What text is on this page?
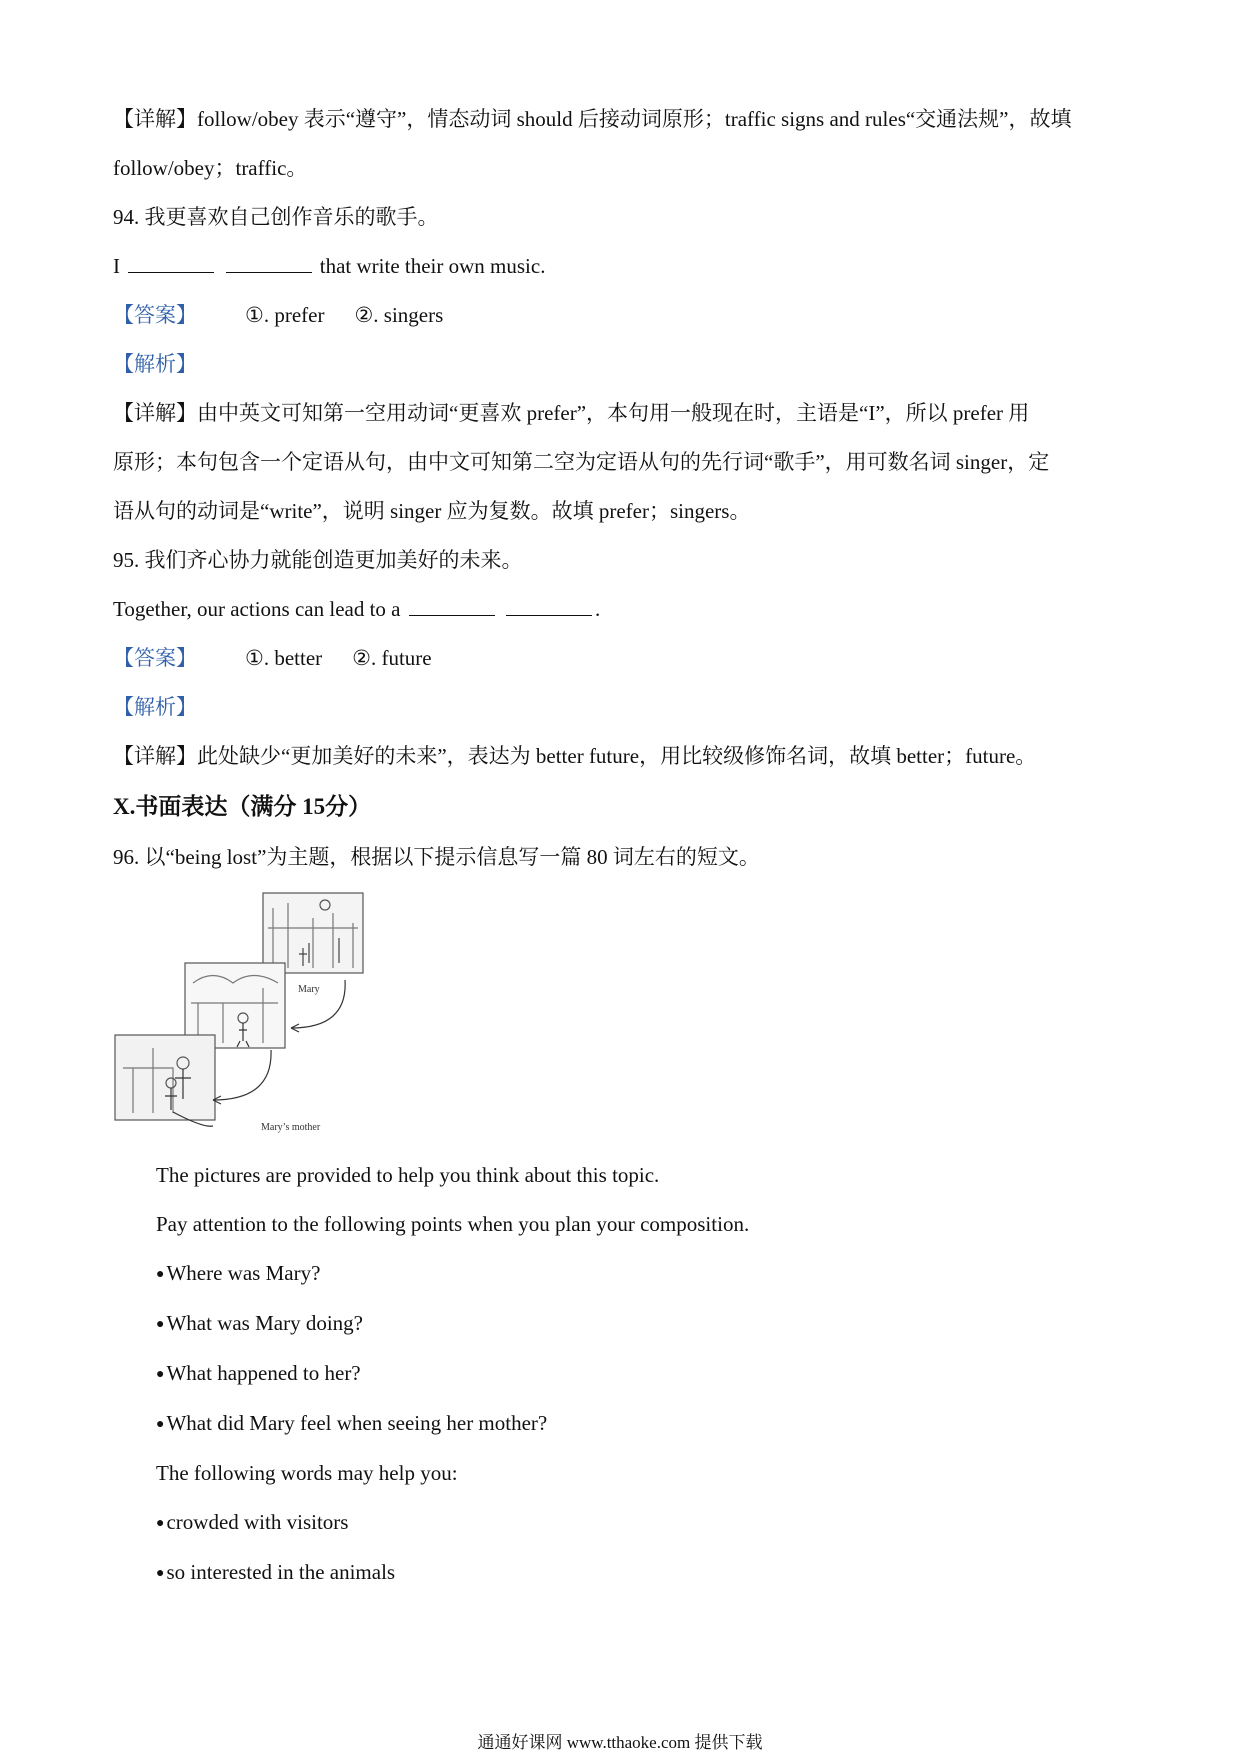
【详解】follow/obey 表示“遵守”，情态动词 should 后接动词原形；traffic signs and rules“交通法规”，故填
follow/obey；traffic。
94. 我更喜欢自己创作音乐的歌手。
I	that write their own music.
【答案】 ①. prefer ②. singers
【解析】
【详解】由中英文可知第一空用动词“更喜欢 prefer”，本句用一般现在时，主语是“I”，所以 prefer 用
原形；本句包含一个定语从句，由中文可知第二空为定语从句的先行词“歌手”，用可数名词 singer，定
语从句的动词是“write”，说明 singer 应为复数。故填 prefer；singers。
95. 我们齐心协力就能创造更加美好的未来。
Together, our actions can lead to a	.
【答案】 ①. better ②. future
【解析】
【详解】此处缺少“更加美好的未来”，表达为 better future，用比较级修饰名词，故填 better；future。
X.书面表达（满分 15分）
96. 以“being lost”为主题，根据以下提示信息写一篇 80 词左右的短文。
Mary
Mary’s mother
The pictures are provided to help you think about this topic.
Pay attention to the following points when you plan your composition.
●Where was Mary?
●What was Mary doing?
●What happened to her?
●What did Mary feel when seeing her mother?
The following words may help you:
●crowded with visitors
●so interested in the animals
通通好课网 www.tthaoke.com 提供下载
